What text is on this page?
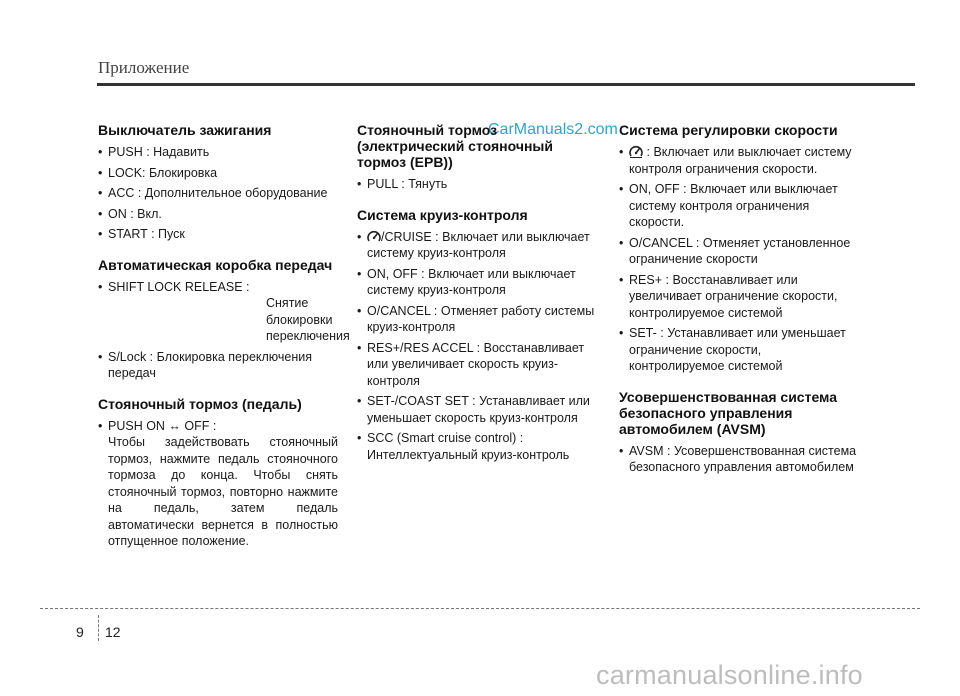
Приложение
CarManuals2.com
Выключатель зажигания
• PUSH : Надавить
• LOCK: Блокировка
• ACC : Дополнительное оборудование
• ON : Вкл.
• START : Пуск
Автоматическая коробка передач
• SHIFT LOCK RELEASE :
Снятие блокировки переключения
• S/Lock : Блокировка переключения передач
Стояночный тормоз (педаль)
• PUSH ON ↔ OFF :
Чтобы задействовать стояночный тормоз, нажмите педаль стояночного тормоза до конца. Чтобы снять стояночный тормоз, повторно нажмите на педаль, затем педаль автоматически вернется в полностью отпущенное положение.
Стояночный тормоз (электрический стояночный тормоз (EPB))
• PULL : Тянуть
Система круиз-контроля
• /CRUISE : Включает или выключает систему круиз-контроля
• ON, OFF : Включает или выключает систему круиз-контроля
• O/CANCEL : Отменяет работу системы круиз-контроля
• RES+/RES ACCEL : Восстанавливает или увеличивает скорость круиз-контроля
• SET-/COAST SET : Устанавливает или уменьшает скорость круиз-контроля
• SCC (Smart cruise control) :
Интеллектуальный круиз-контроль
Система регулировки скорости
• : Включает или выключает систему контроля ограничения скорости.
• ON, OFF : Включает или выключает систему контроля ограничения скорости.
• O/CANCEL : Отменяет установленное ограничение скорости
• RES+ : Восстанавливает или увеличивает ограничение скорости, контролируемое системой
• SET- : Устанавливает или уменьшает ограничение скорости, контролируемое системой
Усовершенствованная система безопасного управления автомобилем (AVSM)
• AVSM : Усовершенствованная система безопасного управления автомобилем
9 12
carmanualsonline.info
